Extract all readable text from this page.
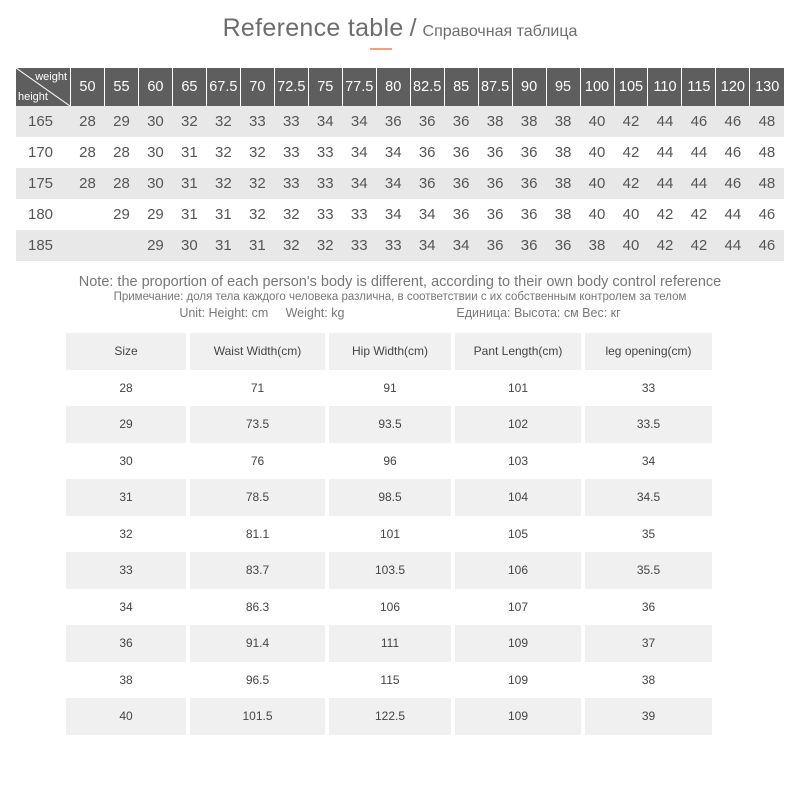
Reference table / Справочная таблица
weight
height	50	55	60	65	67.5	70	72.5	75	77.5	80	82.5	85	87.5	90	95	100	105	110	115	120	130
165	28	29	30	32	32	33	33	34	34	36	36	36	38	38	38	40	42	44	46	46	48
170	28	28	30	31	32	32	33	33	34	34	36	36	36	36	38	40	42	44	44	46	48
175	28	28	30	31	32	32	33	33	34	34	36	36	36	36	38	40	42	44	44	46	48
180		29	29	31	31	32	32	33	33	34	34	36	36	36	38	40	40	42	42	44	46
185			29	30	31	31	32	32	33	33	34	34	36	36	36	38	40	42	42	44	46
Note: the proportion of each person's body is different, according to their own body control reference
Примечание: доля тела каждого человека различна, в соответствии с их собственным контролем за телом
Unit: Height: cm     Weight: kg	Единица: Высота: см Вес: кг
Size	Waist Width(cm)	Hip Width(cm)	Pant Length(cm)	leg opening(cm)
28	71	91	101	33
29	73.5	93.5	102	33.5
30	76	96	103	34
31	78.5	98.5	104	34.5
32	81.1	101	105	35
33	83.7	103.5	106	35.5
34	86.3	106	107	36
36	91.4	111	109	37
38	96.5	115	109	38
40	101.5	122.5	109	39
